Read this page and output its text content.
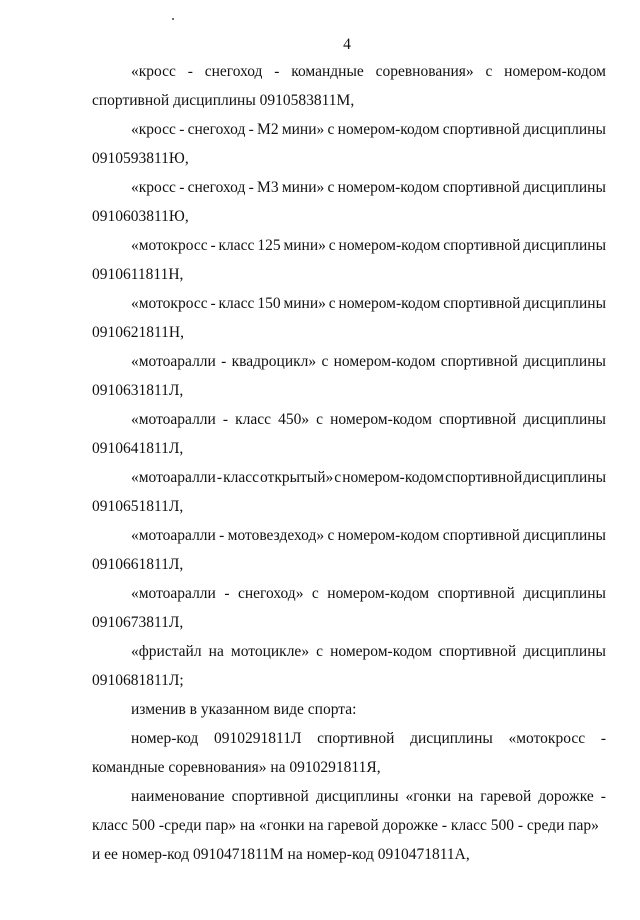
4
«кросс - снегоход - командные соревнования» с номером-кодом
спортивной дисциплины 0910583811М,
«кросс - снегоход - М2 мини» с номером-кодом спортивной дисциплины
0910593811Ю,
«кросс - снегоход - М3 мини» с номером-кодом спортивной дисциплины
0910603811Ю,
«мотокросс - класс 125 мини» с номером-кодом спортивной дисциплины
0910611811Н,
«мотокросс - класс 150 мини» с номером-кодом спортивной дисциплины
0910621811Н,
«мотоаралли - квадроцикл» с номером-кодом спортивной дисциплины
0910631811Л,
«мотоаралли - класс 450» с номером-кодом спортивной дисциплины
0910641811Л,
«мотоаралли - класс открытый» с номером-кодом спортивной дисциплины
0910651811Л,
«мотоаралли - мотовездеход» с номером-кодом спортивной дисциплины
0910661811Л,
«мотоаралли - снегоход» с номером-кодом спортивной дисциплины
0910673811Л,
«фристайл на мотоцикле» с номером-кодом спортивной дисциплины
0910681811Л;
изменив в указанном виде спорта:
номер-код 0910291811Л спортивной дисциплины «мотокросс -
командные соревнования» на 0910291811Я,
наименование спортивной дисциплины «гонки на гаревой дорожке -
класс 500 -среди пар» на «гонки на гаревой дорожке - класс 500 - среди пар»
и ее номер-код 0910471811М на номер-код 0910471811А,
